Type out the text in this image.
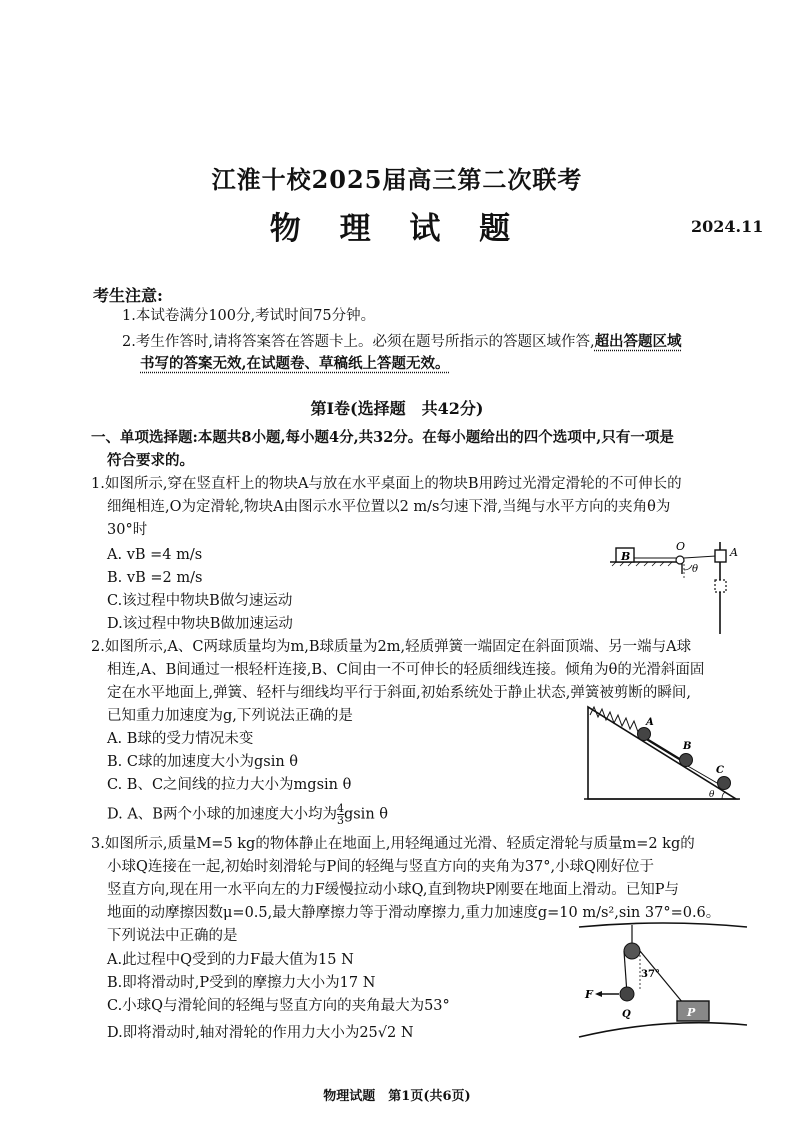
江淮十校2025届高三第二次联考
物 理 试 题	2024.11
考生注意:
1.本试卷满分100分,考试时间75分钟。
2.考生作答时,请将答案答在答题卡上。必须在题号所指示的答题区域作答,超出答题区域
书写的答案无效,在试题卷、草稿纸上答题无效。
第Ⅰ卷(选择题　共42分)
一、单项选择题:本题共8小题,每小题4分,共32分。在每小题给出的四个选项中,只有一项是
符合要求的。
1.如图所示,穿在竖直杆上的物块A与放在水平桌面上的物块B用跨过光滑定滑轮的不可伸长的
细绳相连,O为定滑轮,物块A由图示水平位置以2 m/s匀速下滑,当绳与水平方向的夹角θ为
30°时
A. vB =4 m/s
B. vB =2 m/s
C.该过程中物块B做匀速运动
D.该过程中物块B做加速运动
B
O
θ
A
2.如图所示,A、C两球质量均为m,B球质量为2m,轻质弹簧一端固定在斜面顶端、另一端与A球
相连,A、B间通过一根轻杆连接,B、C间由一不可伸长的轻质细线连接。倾角为θ的光滑斜面固
定在水平地面上,弹簧、轻杆与细线均平行于斜面,初始系统处于静止状态,弹簧被剪断的瞬间,
已知重力加速度为g,下列说法正确的是
A. B球的受力情况未变
B. C球的加速度大小为gsin θ
C. B、C之间线的拉力大小为mgsin θ
D. A、B两个小球的加速度大小均为 $\frac{4}{3}$ gsin θ
A
B
C
θ
3.如图所示,质量M=5 kg的物体静止在地面上,用轻绳通过光滑、轻质定滑轮与质量m=2 kg的
小球Q连接在一起,初始时刻滑轮与P间的轻绳与竖直方向的夹角为37°,小球Q刚好位于
竖直方向,现在用一水平向左的力F缓慢拉动小球Q,直到物块P刚要在地面上滑动。已知P与
地面的动摩擦因数μ=0.5,最大静摩擦力等于滑动摩擦力,重力加速度g=10 m/s²,sin 37°=0.6。
下列说法中正确的是
A.此过程中Q受到的力F最大值为15 N
B.即将滑动时,P受到的摩擦力大小为17 N
C.小球Q与滑轮间的轻绳与竖直方向的夹角最大为53°
D.即将滑动时,轴对滑轮的作用力大小为25√2 N
37°
F
Q	P
物理试题　第1页(共6页)
